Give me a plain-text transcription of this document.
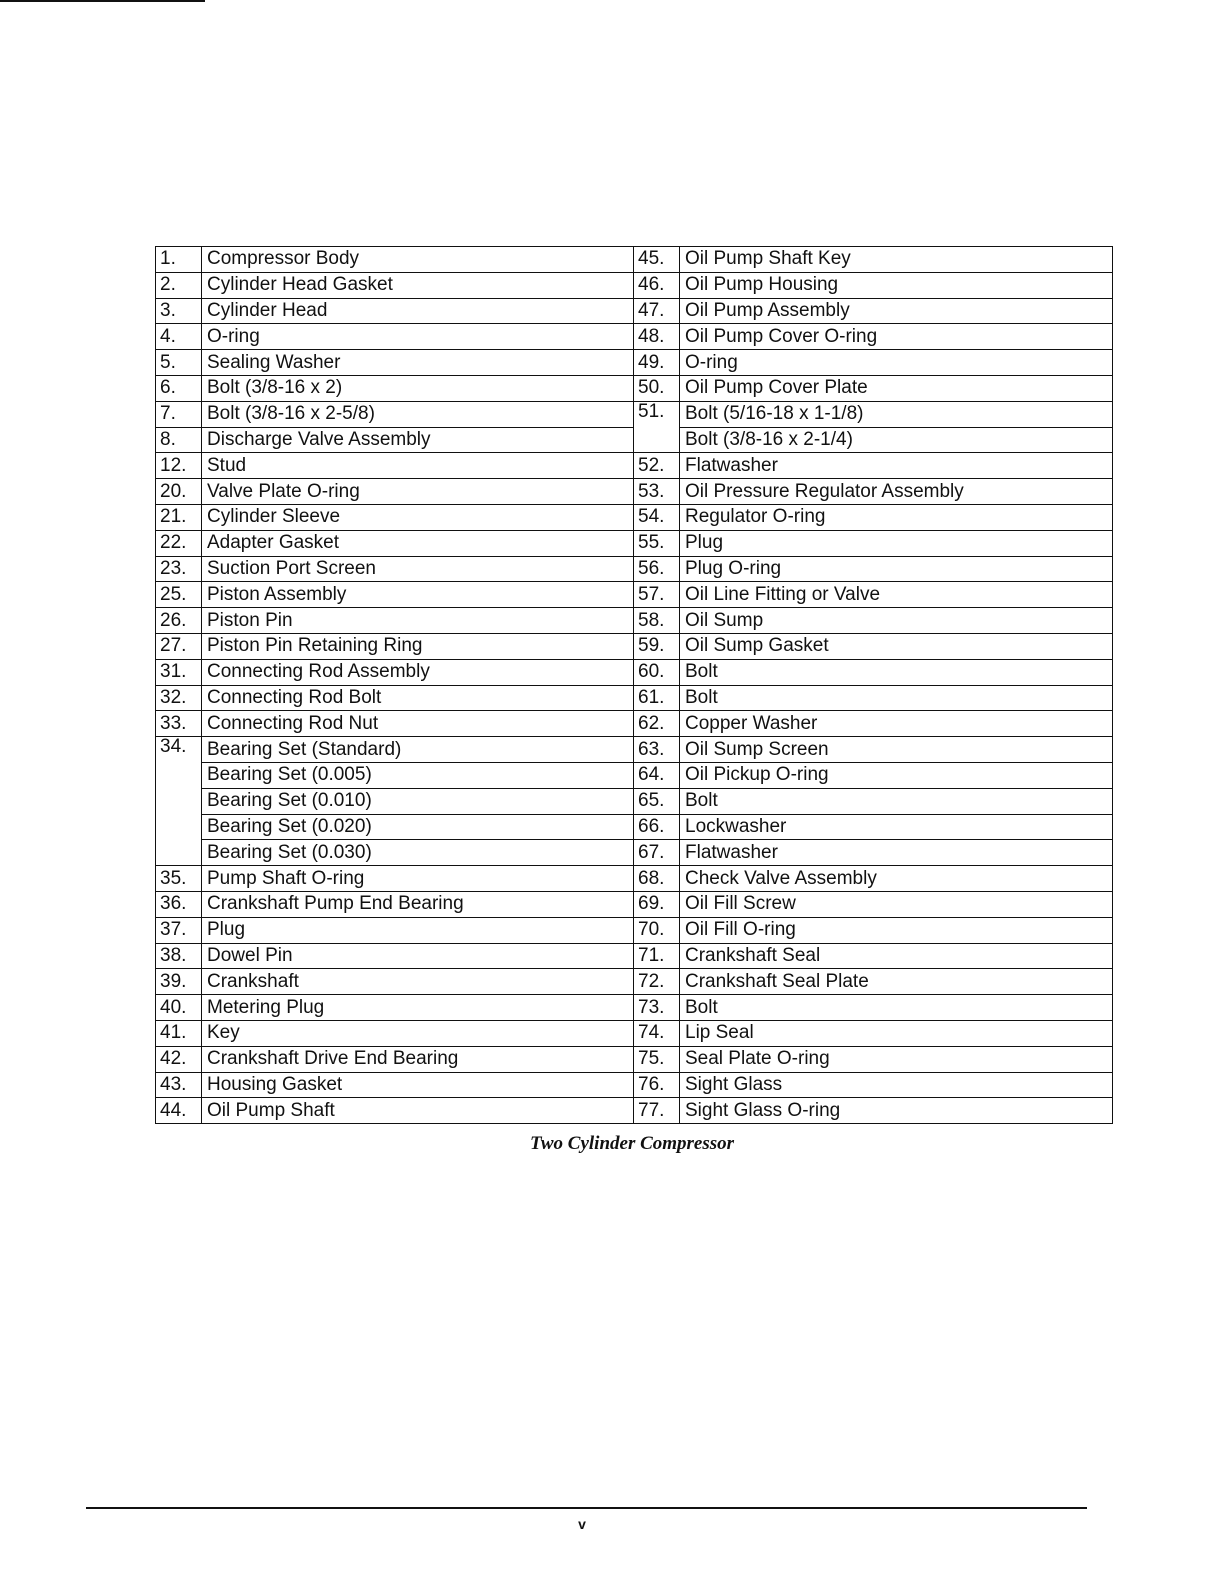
1.	Compressor Body	45.	Oil Pump Shaft Key
2.	Cylinder Head Gasket	46.	Oil Pump Housing
3.	Cylinder Head	47.	Oil Pump Assembly
4.	O-ring	48.	Oil Pump Cover O-ring
5.	Sealing Washer	49.	O-ring
6.	Bolt (3/8-16 x 2)	50.	Oil Pump Cover Plate
7.	Bolt (3/8-16 x 2-5/8)	51.	Bolt (5/16-18 x 1-1/8)
8.	Discharge Valve Assembly		Bolt (3/8-16 x 2-1/4)
12.	Stud	52.	Flatwasher
20.	Valve Plate O-ring	53.	Oil Pressure Regulator Assembly
21.	Cylinder Sleeve	54.	Regulator O-ring
22.	Adapter Gasket	55.	Plug
23.	Suction Port Screen	56.	Plug O-ring
25.	Piston Assembly	57.	Oil Line Fitting or Valve
26.	Piston Pin	58.	Oil Sump
27.	Piston Pin Retaining Ring	59.	Oil Sump Gasket
31.	Connecting Rod Assembly	60.	Bolt
32.	Connecting Rod Bolt	61.	Bolt
33.	Connecting Rod Nut	62.	Copper Washer
34.	Bearing Set (Standard)	63.	Oil Sump Screen
	Bearing Set (0.005)	64.	Oil Pickup O-ring
	Bearing Set (0.010)	65.	Bolt
	Bearing Set (0.020)	66.	Lockwasher
	Bearing Set (0.030)	67.	Flatwasher
35.	Pump Shaft O-ring	68.	Check Valve Assembly
36.	Crankshaft Pump End Bearing	69.	Oil Fill Screw
37.	Plug	70.	Oil Fill O-ring
38.	Dowel Pin	71.	Crankshaft Seal
39.	Crankshaft	72.	Crankshaft Seal Plate
40.	Metering Plug	73.	Bolt
41.	Key	74.	Lip Seal
42.	Crankshaft Drive End Bearing	75.	Seal Plate O-ring
43.	Housing Gasket	76.	Sight Glass
44.	Oil Pump Shaft	77.	Sight Glass O-ring
Two Cylinder Compressor
v
